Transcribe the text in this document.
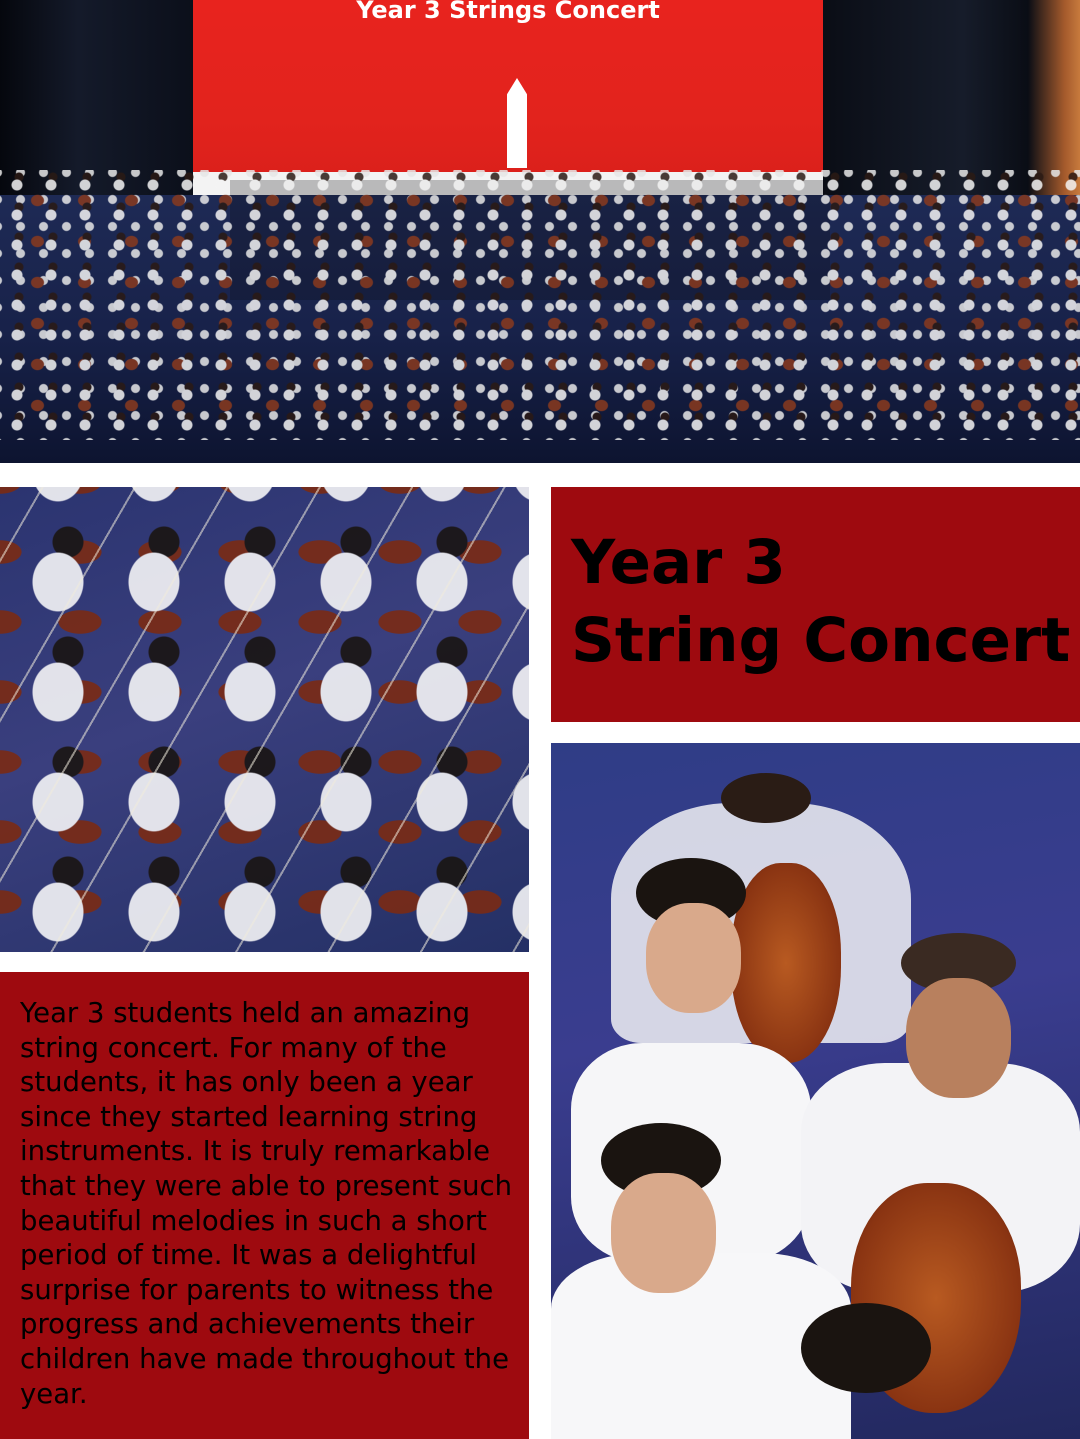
Year 3 Strings Concert
Year 3
String Concert
Year 3 students held an amazing string concert. For many of the students, it has only been a year since they started learning string instruments. It is truly remarkable that they were able to present such beautiful melodies in such a short period of time. It was a delightful surprise for parents to witness the progress and achievements their children have made throughout the year.
